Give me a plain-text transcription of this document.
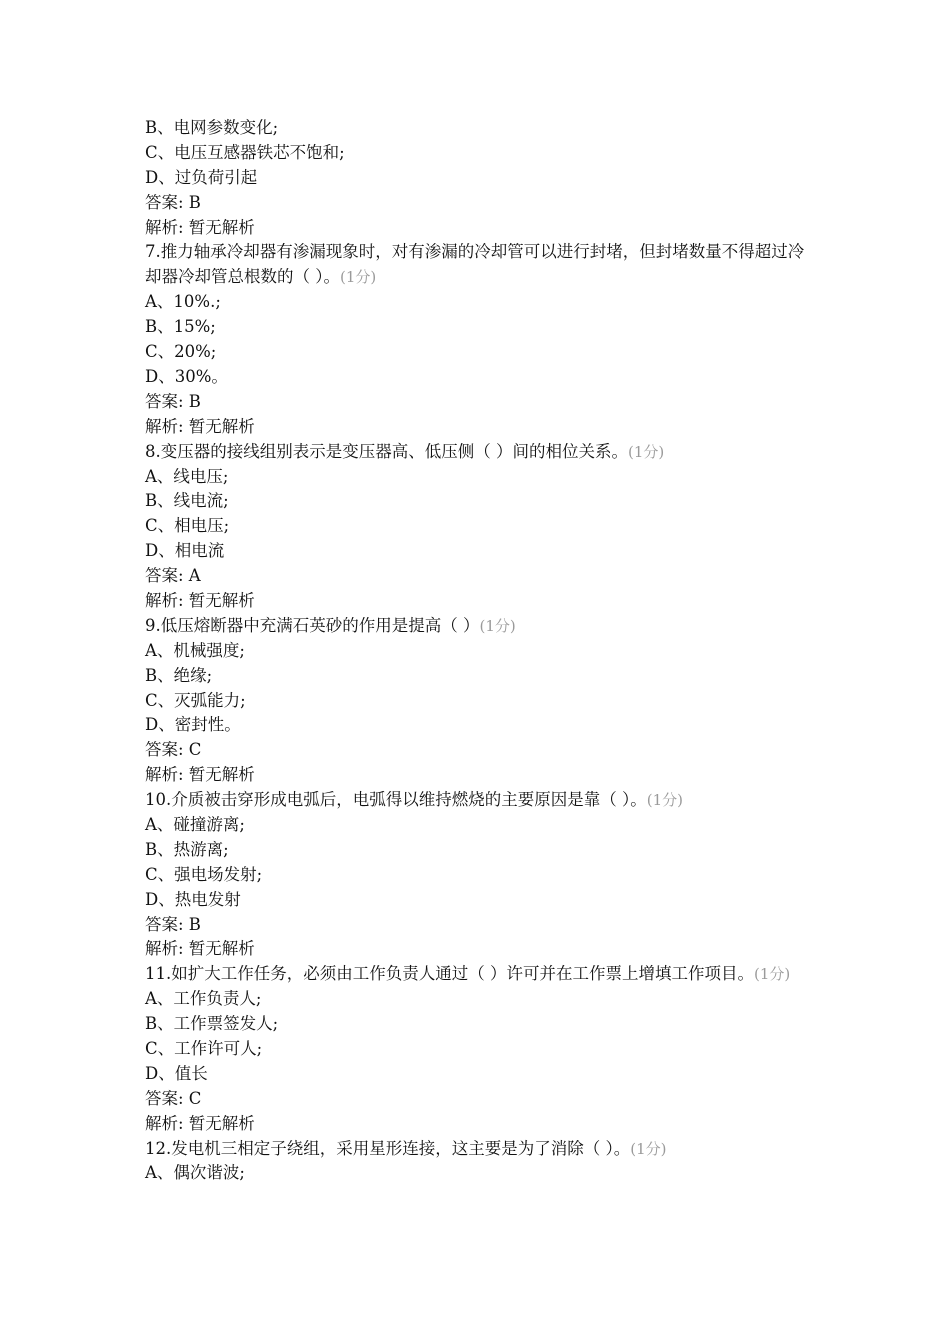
B、电网参数变化;
C、电压互感器铁芯不饱和;
D、过负荷引起
答案: B
解析: 暂无解析
7.推力轴承冷却器有渗漏现象时，对有渗漏的冷却管可以进行封堵，但封堵数量不得超过冷却器冷却管总根数的（ ）。(1分)
A、10%.;
B、15%;
C、20%;
D、30%。
答案: B
解析: 暂无解析
8.变压器的接线组别表示是变压器高、低压侧（ ）间的相位关系。(1分)
A、线电压;
B、线电流;
C、相电压;
D、相电流
答案: A
解析: 暂无解析
9.低压熔断器中充满石英砂的作用是提高（ ）(1分)
A、机械强度;
B、绝缘;
C、灭弧能力;
D、密封性。
答案: C
解析: 暂无解析
10.介质被击穿形成电弧后，电弧得以维持燃烧的主要原因是靠（ ）。(1分)
A、碰撞游离;
B、热游离;
C、强电场发射;
D、热电发射
答案: B
解析: 暂无解析
11.如扩大工作任务，必须由工作负责人通过（ ）许可并在工作票上增填工作项目。(1分)
A、工作负责人;
B、工作票签发人;
C、工作许可人;
D、值长
答案: C
解析: 暂无解析
12.发电机三相定子绕组，采用星形连接，这主要是为了消除（ ）。(1分)
A、偶次谐波;
